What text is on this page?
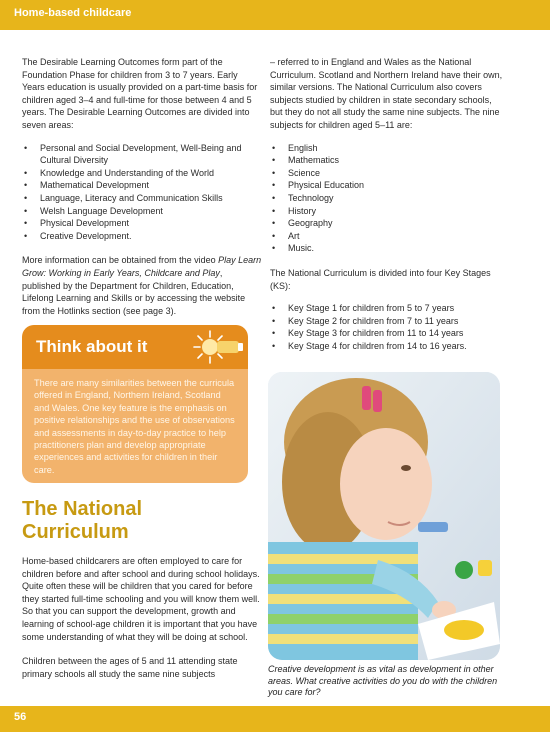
Home-based childcare

The Desirable Learning Outcomes form part of the Foundation Phase for children from 3 to 7 years. Early Years education is usually provided on a part-time basis for children aged 3–4 and full-time for those between 4 and 5 years. The Desirable Learning Outcomes are divided into seven areas:

• Personal and Social Development, Well-Being and Cultural Diversity
• Knowledge and Understanding of the World
• Mathematical Development
• Language, Literacy and Communication Skills
• Welsh Language Development
• Physical Development
• Creative Development.

More information can be obtained from the video Play Learn Grow: Working in Early Years, Childcare and Play, published by the Department for Children, Education, Lifelong Learning and Skills or by accessing the website from the Hotlinks section (see page 3).

Think about it

There are many similarities between the curricula offered in England, Northern Ireland, Scotland and Wales. One key feature is the emphasis on positive relationships and the use of observations and assessments in day-to-day practice to help practitioners plan and develop appropriate experiences and activities for children in their care.

The National Curriculum

Home-based childcarers are often employed to care for children before and after school and during school holidays. Quite often these will be children that you cared for before they started full-time schooling and you will know them well. So that you can support the development, growth and learning of school-age children it is important that you have some understanding of what they will be doing at school.

Children between the ages of 5 and 11 attending state primary schools all study the same nine subjects

– referred to in England and Wales as the National Curriculum. Scotland and Northern Ireland have their own, similar versions. The National Curriculum also covers subjects studied by children in state secondary schools, but they do not all study the same nine subjects. The nine subjects for children aged 5–11 are:

• English
• Mathematics
• Science
• Physical Education
• Technology
• History
• Geography
• Art
• Music.

The National Curriculum is divided into four Key Stages (KS):

• Key Stage 1 for children from 5 to 7 years
• Key Stage 2 for children from 7 to 11 years
• Key Stage 3 for children from 11 to 14 years
• Key Stage 4 for children from 14 to 16 years.

Creative development is as vital as development in other areas. What creative activities do you do with the children you care for?

56
